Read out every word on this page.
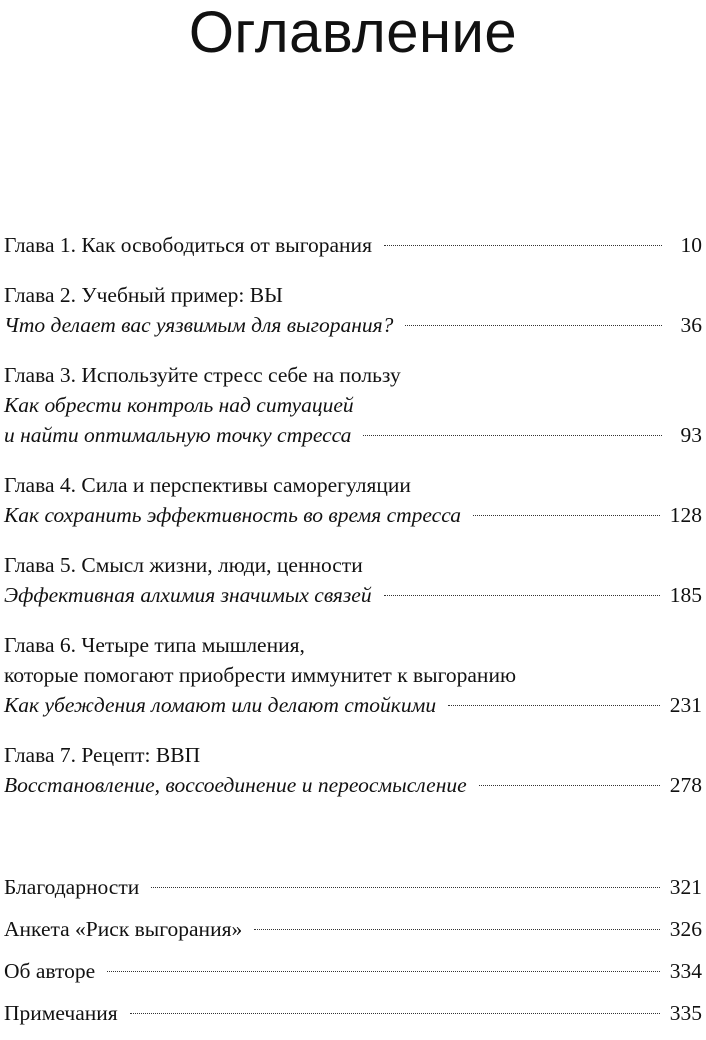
Оглавление
Глава 1. Как освободиться от выгорания	10
Глава 2. Учебный пример: ВЫ
Что делает вас уязвимым для выгорания?	36
Глава 3. Используйте стресс себе на пользу
Как обрести контроль над ситуацией
и найти оптимальную точку стресса	93
Глава 4. Сила и перспективы саморегуляции
Как сохранить эффективность во время стресса	128
Глава 5. Смысл жизни, люди, ценности
Эффективная алхимия значимых связей	185
Глава 6. Четыре типа мышления,
которые помогают приобрести иммунитет к выгоранию
Как убеждения ломают или делают стойкими	231
Глава 7. Рецепт: ВВП
Восстановление, воссоединение и переосмысление	278
Благодарности	321
Анкета «Риск выгорания»	326
Об авторе	334
Примечания	335
